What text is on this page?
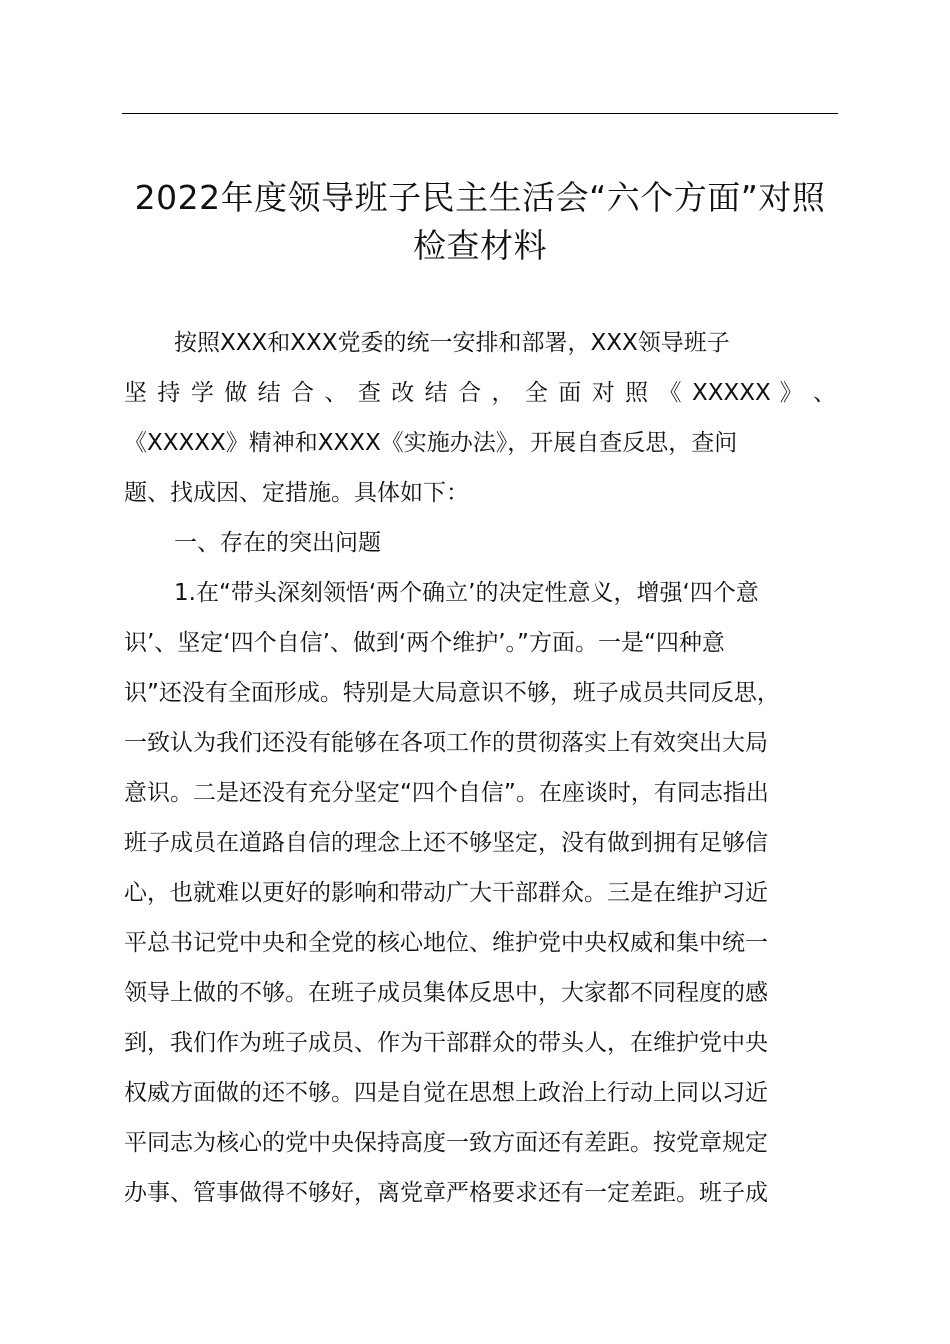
2022年度领导班子民主生活会“六个方面”对照
检查材料
按照XXX和XXX党委的统一安排和部署，XXX领导班子
坚 持 学 做 结 合 、 查 改 结 合 ， 全 面 对 照 《 XXXXX 》 、
《XXXXX》精神和XXXX《实施办法》，开展自查反思，查问
题、找成因、定措施。具体如下：
一、存在的突出问题
1.在“带头深刻领悟‘两个确立’的决定性意义，增强‘四个意
识’、坚定‘四个自信’、做到‘两个维护’。”方面。一是“四种意
识”还没有全面形成。特别是大局意识不够，班子成员共同反思，
一致认为我们还没有能够在各项工作的贯彻落实上有效突出大局
意识。二是还没有充分坚定“四个自信”。在座谈时，有同志指出
班子成员在道路自信的理念上还不够坚定，没有做到拥有足够信
心，也就难以更好的影响和带动广大干部群众。三是在维护习近
平总书记党中央和全党的核心地位、维护党中央权威和集中统一
领导上做的不够。在班子成员集体反思中，大家都不同程度的感
到，我们作为班子成员、作为干部群众的带头人，在维护党中央
权威方面做的还不够。四是自觉在思想上政治上行动上同以习近
平同志为核心的党中央保持高度一致方面还有差距。按党章规定
办事、管事做得不够好，离党章严格要求还有一定差距。班子成
